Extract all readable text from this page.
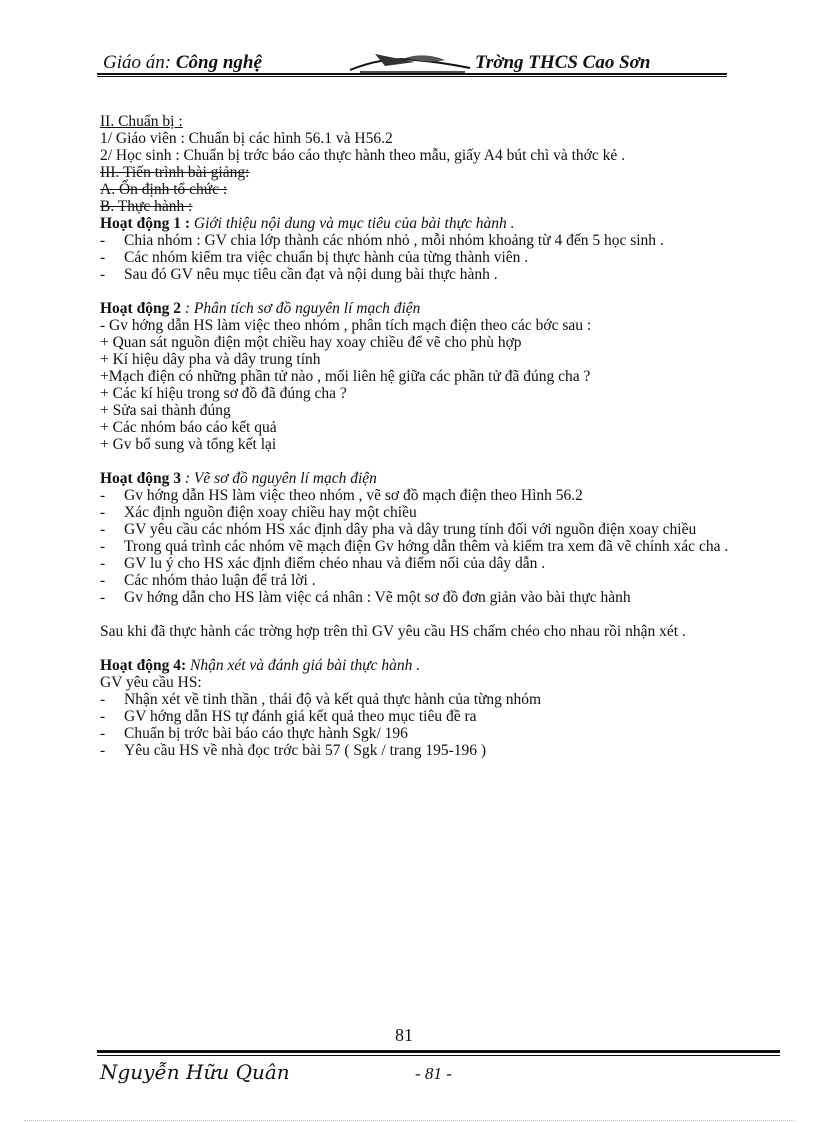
Giáo án: Công nghệ	Trờng THCS Cao Sơn

II. Chuẩn bị :

1/ Giáo viên : Chuẩn bị các hình 56.1 và H56.2

2/ Học sinh : Chuẩn bị trớc báo cáo thực hành theo mẫu, giấy A4 bút chì và thớc kẻ .

III. Tiến trình bài giảng:

A. Ổn định tổ chức :

B. Thực hành :

Hoạt động 1 : Giới thiệu nội dung và mục tiêu của bài thực hành .

-	Chia nhóm : GV chia lớp thành các nhóm nhỏ , mỗi nhóm khoảng từ 4 đến 5 học sinh .
-	Các nhóm kiểm tra việc chuẩn bị thực hành của từng thành viên .
-	Sau đó GV nêu mục tiêu cần đạt và nội dung bài thực hành .

Hoạt động 2 : Phân tích sơ đồ nguyên lí mạch điện

- Gv hớng dẫn HS làm việc theo nhóm , phân tích mạch điện theo các bớc sau :

+ Quan sát nguồn điện một chiều hay xoay chiều để vẽ cho phù hợp

+ Kí hiệu dây pha và dây trung tính

+Mạch điện có những phần tử nào , mối liên hệ giữa các phần tử đã đúng cha ?

+ Các kí hiệu trong sơ đồ đã đúng cha ?

+ Sửa sai thành đúng

+ Các nhóm báo cáo kết quả

+ Gv bổ sung và tổng kết lại

Hoạt động 3 : Vẽ sơ đồ nguyên lí mạch điện

-	Gv hớng dẫn HS làm việc theo nhóm , vẽ sơ đồ mạch điện theo Hình 56.2
-	Xác định nguồn điện xoay chiều hay một chiều
-	GV yêu cầu các nhóm HS xác định dây pha và dây trung tính đối với nguồn điện xoay chiều
-	Trong quá trình các nhóm vẽ mạch điện Gv hớng dẫn thêm và kiểm tra xem đã vẽ chính xác cha .
-	GV lu ý cho HS xác định điểm chéo nhau và điểm nối của dây dẫn .
-	Các nhóm thảo luận để trả lời .
-	Gv hớng dẫn cho HS làm việc cá nhân : Vẽ một sơ đồ đơn giản vào bài thực hành

Sau khi đã thực hành các trờng hợp trên thì GV yêu cầu HS chấm chéo cho nhau rồi nhận xét .

Hoạt động 4: Nhận xét và đánh giá bài thực hành .

GV yêu cầu HS:

-	Nhận xét về tinh thần , thái độ và kết quả thực hành của từng nhóm
-	GV hớng dẫn HS tự đánh giá kết quả theo mục tiêu đề ra
-	Chuẩn bị trớc bài báo cáo thực hành Sgk/ 196
-	Yêu cầu HS về nhà đọc trớc bài 57 ( Sgk / trang 195-196 )
81
Nguyễn Hữu Quân	- 81 -
